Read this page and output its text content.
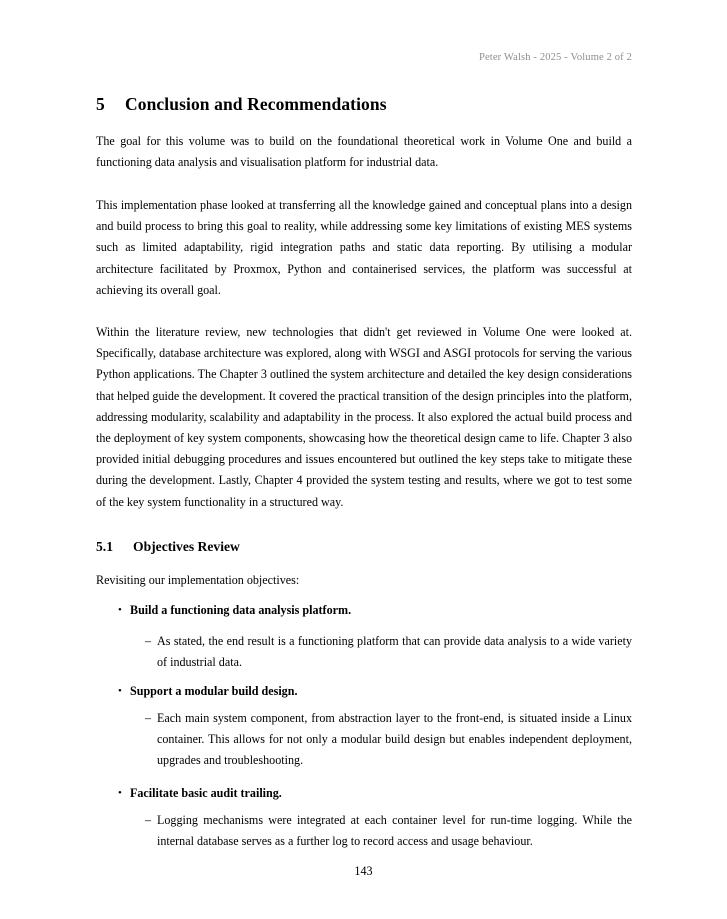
Peter Walsh - 2025 - Volume 2 of 2
5 Conclusion and Recommendations
The goal for this volume was to build on the foundational theoretical work in Volume One and build a functioning data analysis and visualisation platform for industrial data.
This implementation phase looked at transferring all the knowledge gained and conceptual plans into a design and build process to bring this goal to reality, while addressing some key limitations of existing MES systems such as limited adaptability, rigid integration paths and static data reporting. By utilising a modular architecture facilitated by Proxmox, Python and containerised services, the platform was successful at achieving its overall goal.
Within the literature review, new technologies that didn't get reviewed in Volume One were looked at. Specifically, database architecture was explored, along with WSGI and ASGI protocols for serving the various Python applications. The Chapter 3 outlined the system architecture and detailed the key design considerations that helped guide the development. It covered the practical transition of the design principles into the platform, addressing modularity, scalability and adaptability in the process. It also explored the actual build process and the deployment of key system components, showcasing how the theoretical design came to life. Chapter 3 also provided initial debugging procedures and issues encountered but outlined the key steps take to mitigate these during the development. Lastly, Chapter 4 provided the system testing and results, where we got to test some of the key system functionality in a structured way.
5.1 Objectives Review
Revisiting our implementation objectives:
• Build a functioning data analysis platform.
– As stated, the end result is a functioning platform that can provide data analysis to a wide variety of industrial data.
• Support a modular build design.
– Each main system component, from abstraction layer to the front-end, is situated inside a Linux container. This allows for not only a modular build design but enables independent deployment, upgrades and troubleshooting.
• Facilitate basic audit trailing.
– Logging mechanisms were integrated at each container level for run-time logging. While the internal database serves as a further log to record access and usage behaviour.
143
